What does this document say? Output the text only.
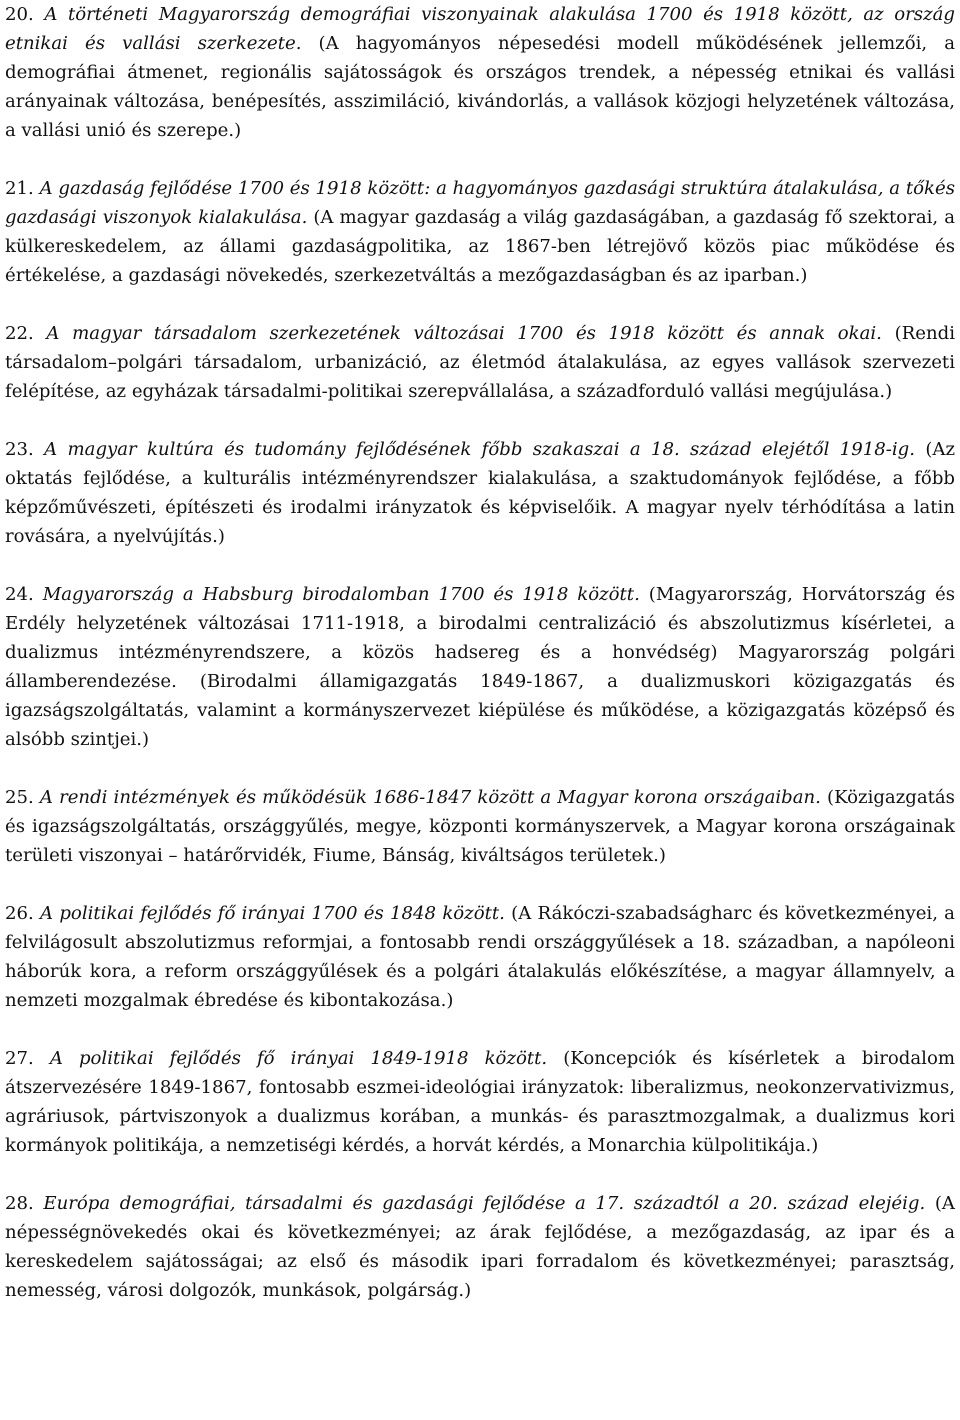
20. A történeti Magyarország demográfiai viszonyainak alakulása 1700 és 1918 között, az ország etnikai és vallási szerkezete. (A hagyományos népesedési modell működésének jellemzői, a demográfiai átmenet, regionális sajátosságok és országos trendek, a népesség etnikai és vallási arányainak változása, benépesítés, asszimiláció, kivándorlás, a vallások közjogi helyzetének változása, a vallási unió és szerepe.)

21. A gazdaság fejlődése 1700 és 1918 között: a hagyományos gazdasági struktúra átalakulása, a tőkés gazdasági viszonyok kialakulása. (A magyar gazdaság a világ gazdaságában, a gazdaság fő szektorai, a külkereskedelem, az állami gazdaságpolitika, az 1867-ben létrejövő közös piac működése és értékelése, a gazdasági növekedés, szerkezetváltás a mezőgazdaságban és az iparban.)

22. A magyar társadalom szerkezetének változásai 1700 és 1918 között és annak okai. (Rendi társadalom–polgári társadalom, urbanizáció, az életmód átalakulása, az egyes vallások szervezeti felépítése, az egyházak társadalmi-politikai szerepvállalása, a századforduló vallási megújulása.)

23. A magyar kultúra és tudomány fejlődésének főbb szakaszai a 18. század elejétől 1918-ig. (Az oktatás fejlődése, a kulturális intézményrendszer kialakulása, a szaktudományok fejlődése, a főbb képzőművészeti, építészeti és irodalmi irányzatok és képviselőik. A magyar nyelv térhódítása a latin rovására, a nyelvújítás.)

24. Magyarország a Habsburg birodalomban 1700 és 1918 között. (Magyarország, Horvátország és Erdély helyzetének változásai 1711-1918, a birodalmi centralizáció és abszolutizmus kísérletei, a dualizmus intézményrendszere, a közös hadsereg és a honvédség) Magyarország polgári államberendezése. (Birodalmi államigazgatás 1849-1867, a dualizmuskori közigazgatás és igazságszolgáltatás, valamint a kormányszervezet kiépülése és működése, a közigazgatás középső és alsóbb szintjei.)

25. A rendi intézmények és működésük 1686-1847 között a Magyar korona országaiban. (Közigazgatás és igazságszolgáltatás, országgyűlés, megye, központi kormányszervek, a Magyar korona országainak területi viszonyai – határőrvidék, Fiume, Bánság, kiváltságos területek.)

26. A politikai fejlődés fő irányai 1700 és 1848 között. (A Rákóczi-szabadságharc és következményei, a felvilágosult abszolutizmus reformjai, a fontosabb rendi országgyűlések a 18. században, a napóleoni háborúk kora, a reform országgyűlések és a polgári átalakulás előkészítése, a magyar államnyelv, a nemzeti mozgalmak ébredése és kibontakozása.)

27. A politikai fejlődés fő irányai 1849-1918 között. (Koncepciók és kísérletek a birodalom átszervezésére 1849-1867, fontosabb eszmei-ideológiai irányzatok: liberalizmus, neokonzervativizmus, agráriusok, pártviszonyok a dualizmus korában, a munkás- és parasztmozgalmak, a dualizmus kori kormányok politikája, a nemzetiségi kérdés, a horvát kérdés, a Monarchia külpolitikája.)

28. Európa demográfiai, társadalmi és gazdasági fejlődése a 17. századtól a 20. század elejéig. (A népességnövekedés okai és következményei; az árak fejlődése, a mezőgazdaság, az ipar és a kereskedelem sajátosságai; az első és második ipari forradalom és következményei; parasztság, nemesség, városi dolgozók, munkások, polgárság.)
